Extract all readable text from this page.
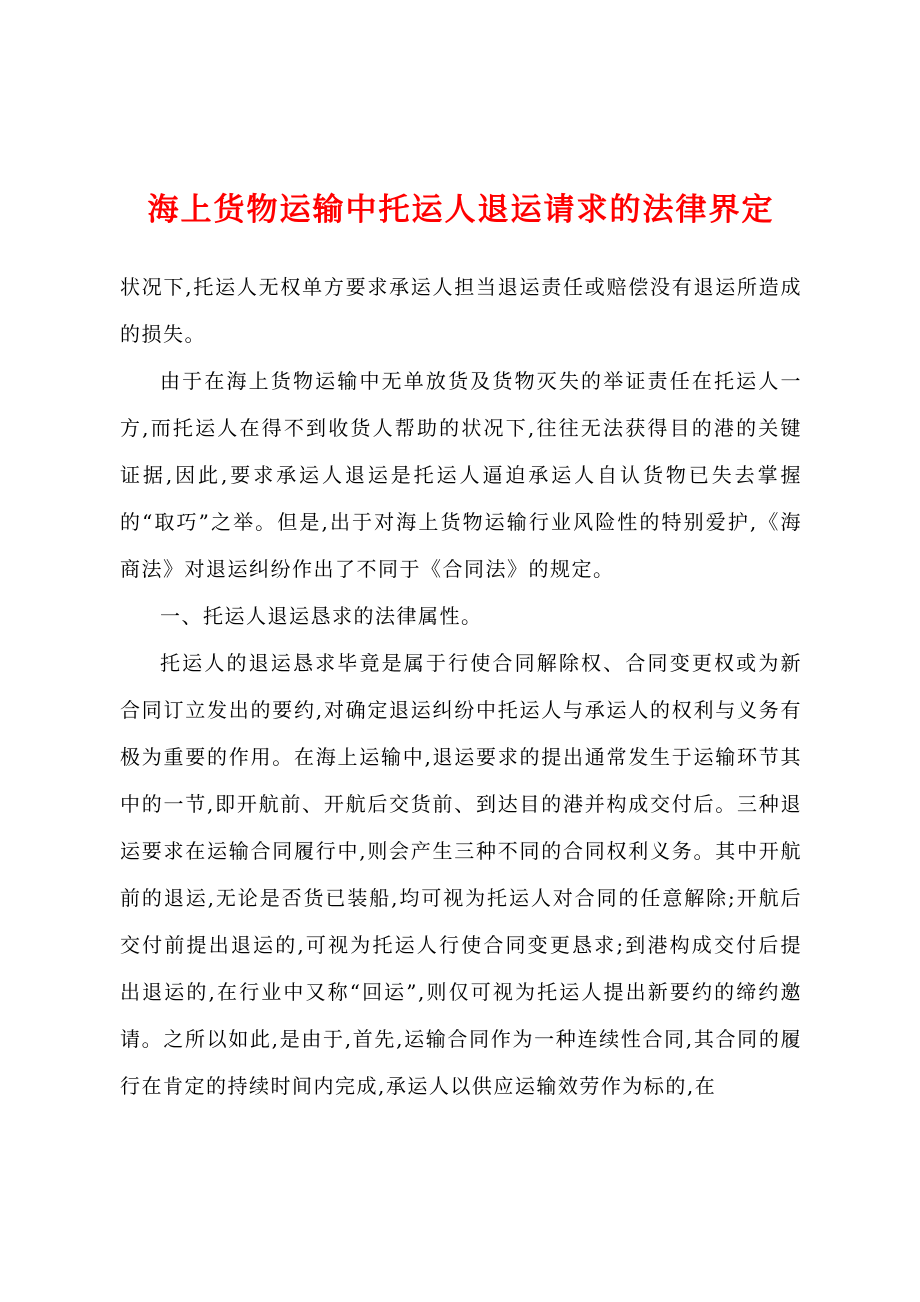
海上货物运输中托运人退运请求的法律界定

状况下,托运人无权单方要求承运人担当退运责任或赔偿没有退运所造成的损失。

由于在海上货物运输中无单放货及货物灭失的举证责任在托运人一方,而托运人在得不到收货人帮助的状况下,往往无法获得目的港的关键证据,因此,要求承运人退运是托运人逼迫承运人自认货物已失去掌握的“取巧”之举。但是,出于对海上货物运输行业风险性的特别爱护,《海商法》对退运纠纷作出了不同于《合同法》的规定。

一、托运人退运恳求的法律属性。

托运人的退运恳求毕竟是属于行使合同解除权、合同变更权或为新合同订立发出的要约,对确定退运纠纷中托运人与承运人的权利与义务有极为重要的作用。在海上运输中,退运要求的提出通常发生于运输环节其中的一节,即开航前、开航后交货前、到达目的港并构成交付后。三种退运要求在运输合同履行中,则会产生三种不同的合同权利义务。其中开航前的退运,无论是否货已装船,均可视为托运人对合同的任意解除;开航后交付前提出退运的,可视为托运人行使合同变更恳求;到港构成交付后提出退运的,在行业中又称“回运”,则仅可视为托运人提出新要约的缔约邀请。之所以如此,是由于,首先,运输合同作为一种连续性合同,其合同的履行在肯定的持续时间内完成,承运人以供应运输效劳作为标的,在
